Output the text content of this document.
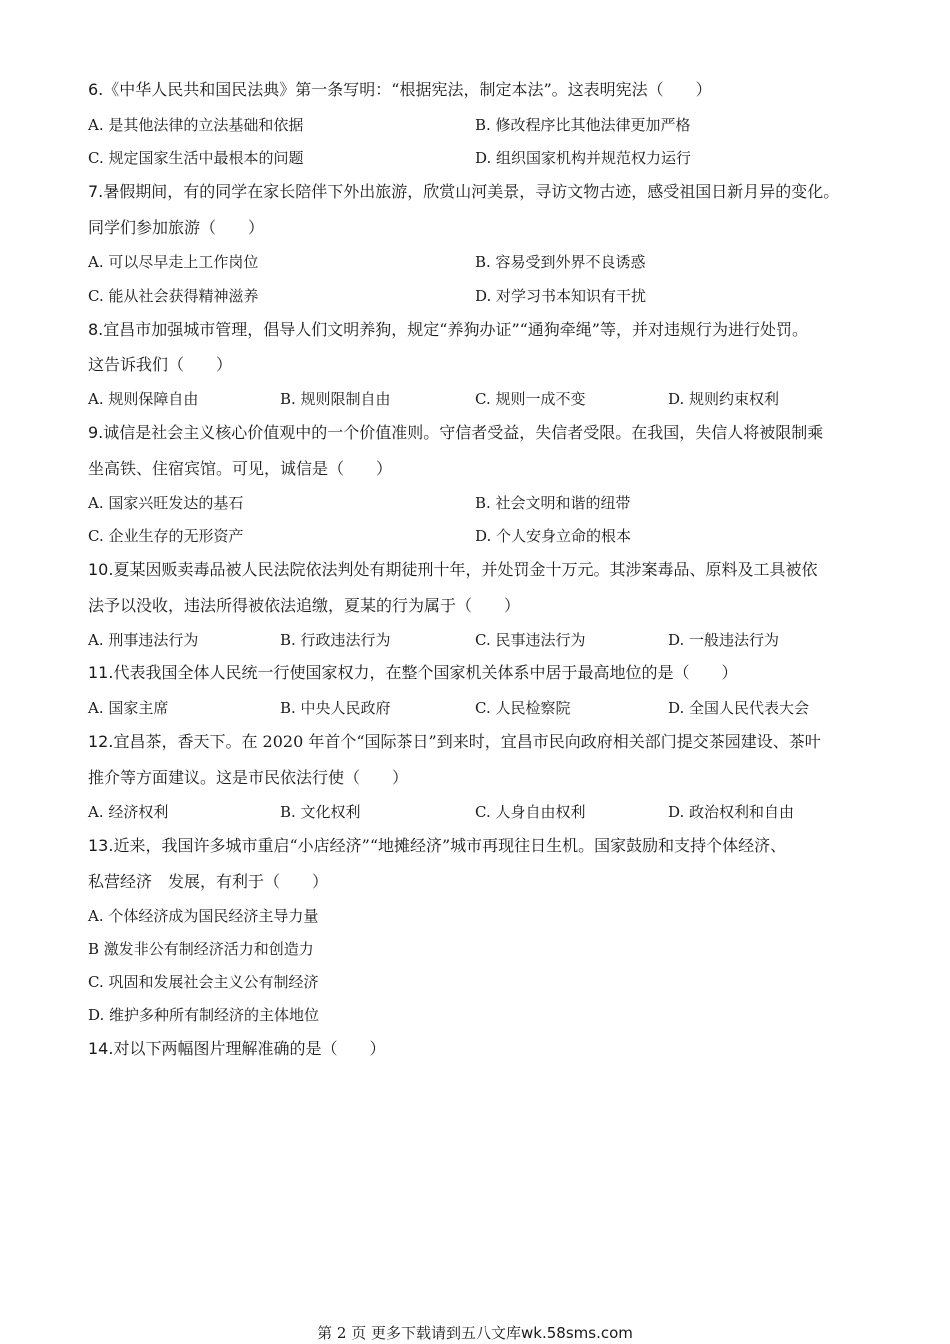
6.《中华人民共和国民法典》第一条写明：“根据宪法，制定本法”。这表明宪法（　　）
A. 是其他法律的立法基础和依据	B. 修改程序比其他法律更加严格
C. 规定国家生活中最根本的问题	D. 组织国家机构并规范权力运行
7.暑假期间，有的同学在家长陪伴下外出旅游，欣赏山河美景，寻访文物古迹，感受祖国日新月异的变化。
同学们参加旅游（　　）
A. 可以尽早走上工作岗位	B. 容易受到外界不良诱惑
C. 能从社会获得精神滋养	D. 对学习书本知识有干扰
8.宜昌市加强城市管理，倡导人们文明养狗，规定“养狗办证”“通狗牵绳”等，并对违规行为进行处罚。
这告诉我们（　　）
A. 规则保障自由	B. 规则限制自由	C. 规则一成不变	D. 规则约束权利
9.诚信是社会主义核心价值观中的一个价值准则。守信者受益，失信者受限。在我国，失信人将被限制乘
坐高铁、住宿宾馆。可见，诚信是（　　）
A. 国家兴旺发达的基石	B. 社会文明和谐的纽带
C. 企业生存的无形资产	D. 个人安身立命的根本
10.夏某因贩卖毒品被人民法院依法判处有期徒刑十年，并处罚金十万元。其涉案毒品、原料及工具被依
法予以没收，违法所得被依法追缴，夏某的行为属于（　　）
A. 刑事违法行为	B. 行政违法行为	C. 民事违法行为	D. 一般违法行为
11.代表我国全体人民统一行使国家权力，在整个国家机关体系中居于最高地位的是（　　）
A. 国家主席	B. 中央人民政府	C. 人民检察院	D. 全国人民代表大会
12.宜昌茶，香天下。在 2020 年首个“国际茶日”到来时，宜昌市民向政府相关部门提交茶园建设、茶叶
推介等方面建议。这是市民依法行使（　　）
A. 经济权利	B. 文化权利	C. 人身自由权利	D. 政治权利和自由
13.近来，我国许多城市重启“小店经济”“地摊经济”城市再现往日生机。国家鼓励和支持个体经济、
私营经济　发展，有利于（　　）
A. 个体经济成为国民经济主导力量
B 激发非公有制经济活力和创造力
C. 巩固和发展社会主义公有制经济
D. 维护多种所有制经济的主体地位
14.对以下两幅图片理解准确的是（　　）
第 2 页 更多下载请到五八文库wk.58sms.com
